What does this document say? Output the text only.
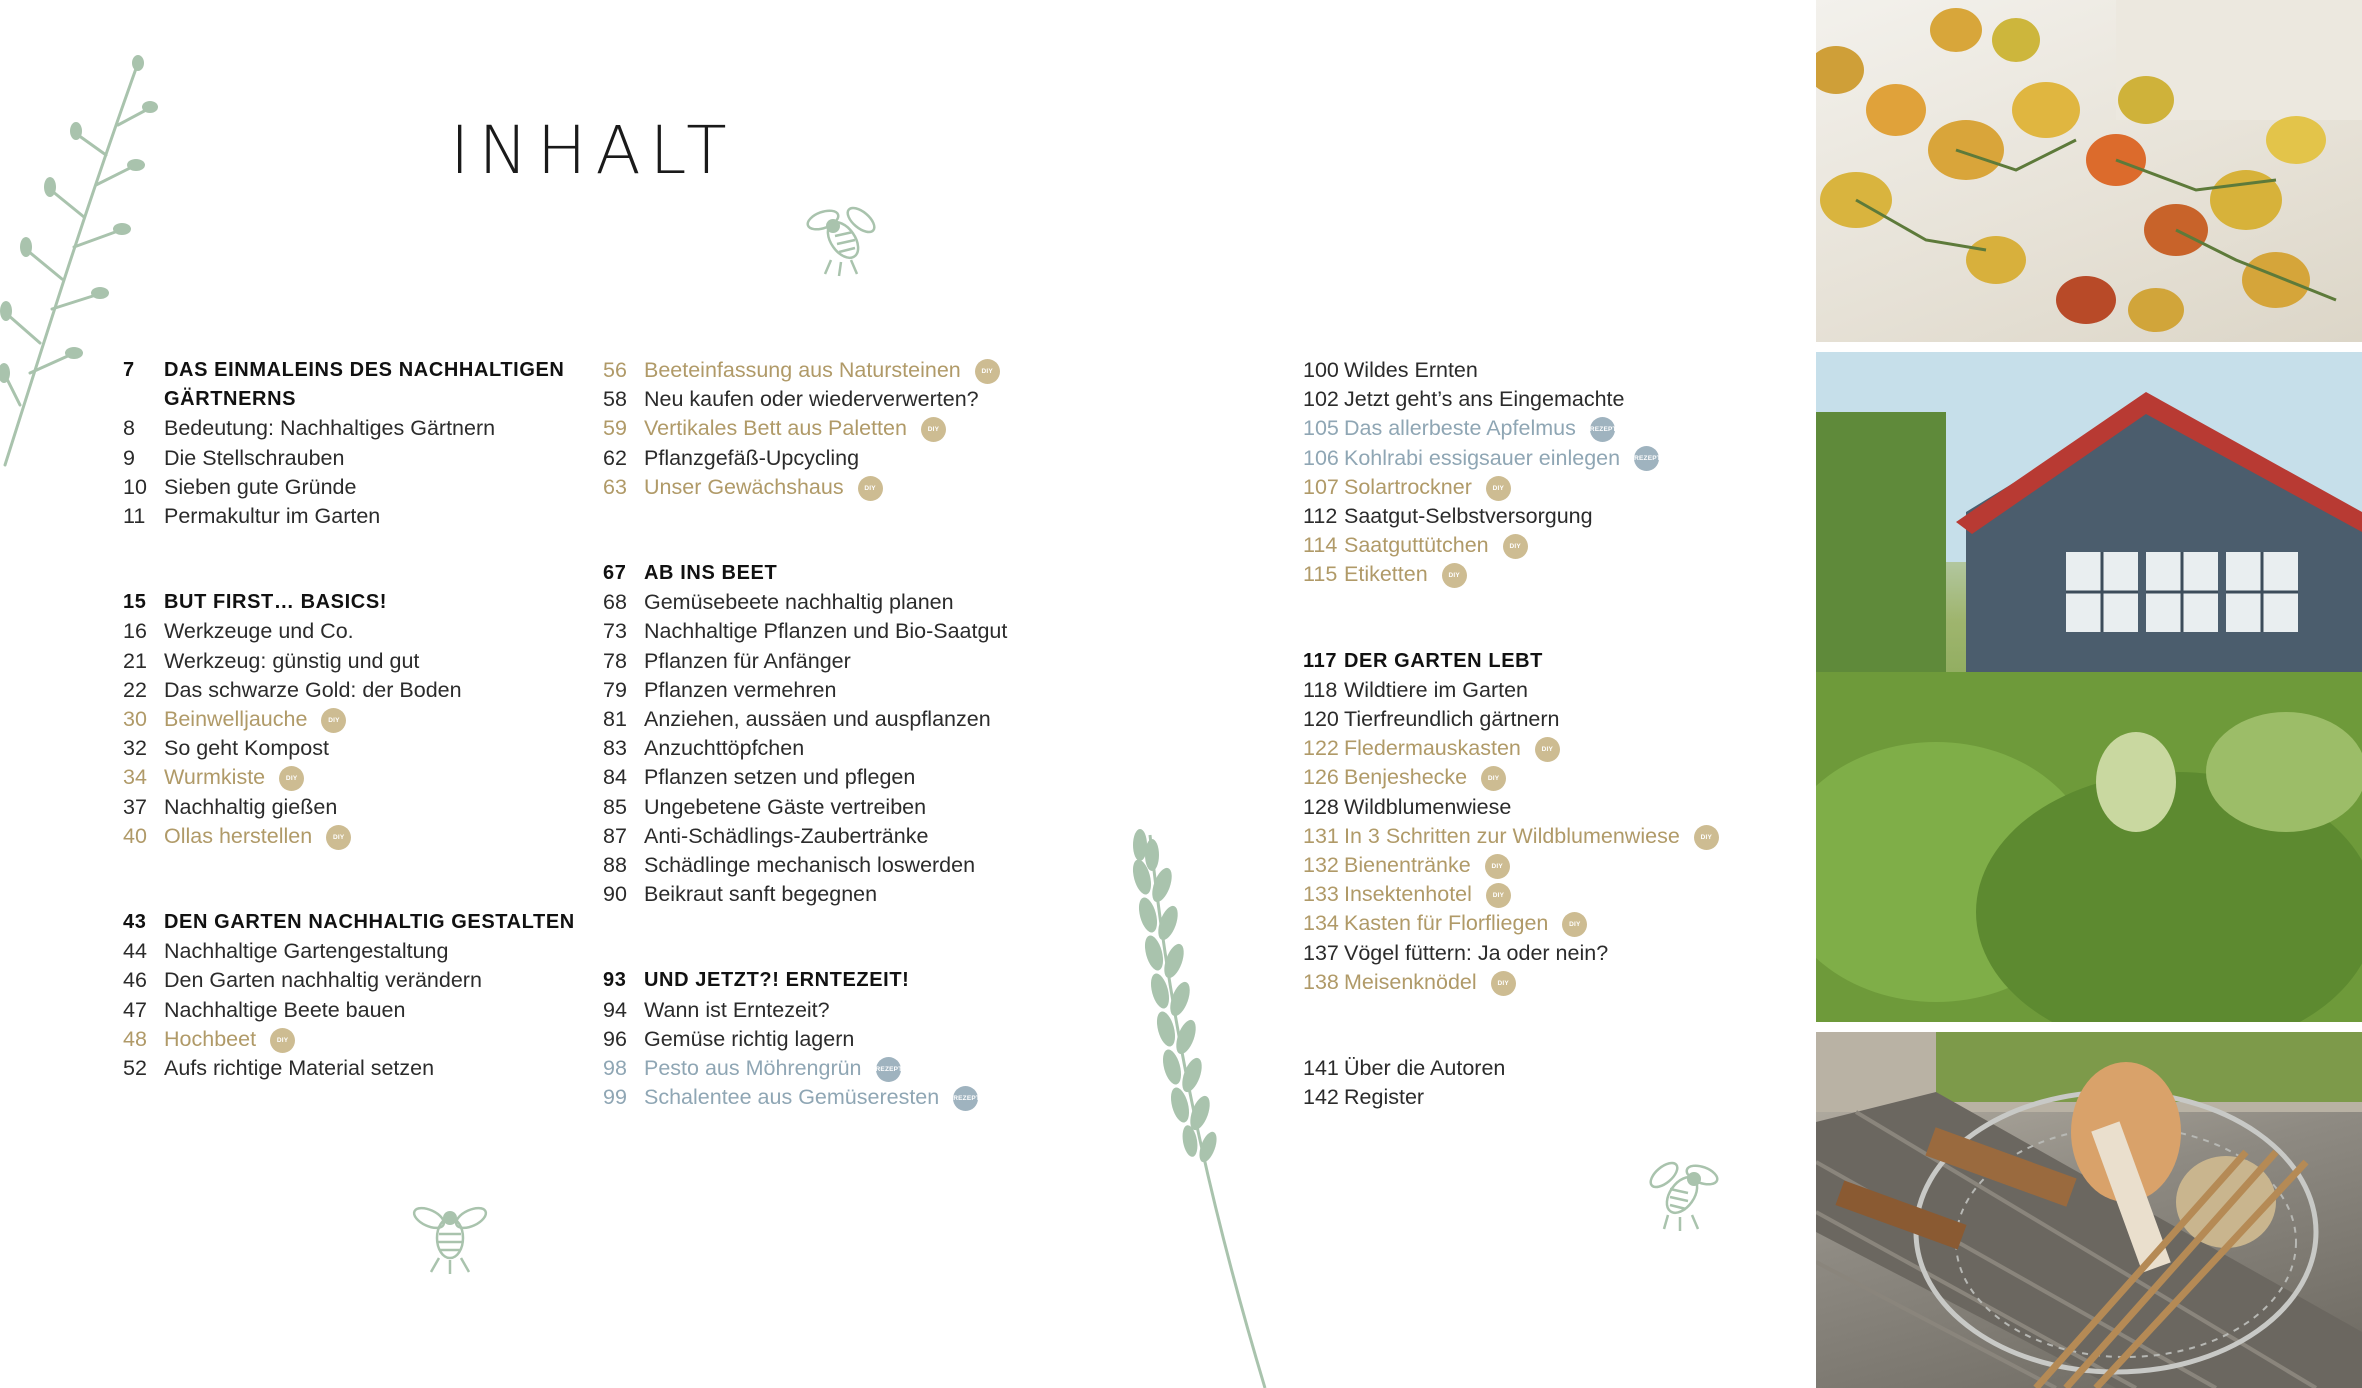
INHALT
7	DAS EINMALEINS DES NACHHALTIGEN GÄRTNERNS
8	Bedeutung: Nachhaltiges Gärtnern
9	Die Stellschrauben
10 Sieben gute Gründe
11 Permakultur im Garten
15 BUT FIRST… BASICS!
16 Werkzeuge und Co.
21 Werkzeug: günstig und gut
22 Das schwarze Gold: der Boden
30 Beinwelljauche	DIY
32 So geht Kompost
34 Wurmkiste	DIY
37 Nachhaltig gießen
40 Ollas herstellen	DIY
43 DEN GARTEN NACHHALTIG GESTALTEN
44 Nachhaltige Gartengestaltung
46 Den Garten nachhaltig verändern
47 Nachhaltige Beete bauen
48 Hochbeet	DIY
52 Aufs richtige Material setzen
56 Beeteinfassung aus Natursteinen	DIY
58 Neu kaufen oder wiederverwerten?
59 Vertikales Bett aus Paletten	DIY
62 Pflanzgefäß-Upcycling
63 Unser Gewächshaus	DIY
67 AB INS BEET
68 Gemüsebeete nachhaltig planen
73 Nachhaltige Pflanzen und Bio-Saatgut
78 Pflanzen für Anfänger
79 Pflanzen vermehren
81 Anziehen, aussäen und auspflanzen
83 Anzuchttöpfchen
84 Pflanzen setzen und pflegen
85 Ungebetene Gäste vertreiben
87 Anti-Schädlings-Zaubertränke
88 Schädlinge mechanisch loswerden
90 Beikraut sanft begegnen
93 UND JETZT?! ERNTEZEIT!
94 Wann ist Erntezeit?
96 Gemüse richtig lagern
98 Pesto aus Möhrengrün REZEPT
99 Schalentee aus Gemüseresten REZEPT
100 Wildes Ernten
102 Jetzt geht’s ans Eingemachte
105 Das allerbeste Apfelmus REZEPT
106 Kohlrabi essigsauer einlegen REZEPT
107 Solartrockner	DIY
112 Saatgut-Selbstversorgung
114 Saatguttütchen	DIY
115 Etiketten	DIY
117 DER GARTEN LEBT
118 Wildtiere im Garten
120 Tierfreundlich gärtnern
122 Fledermauskasten	DIY
126 Benjeshecke	DIY
128 Wildblumenwiese
131 In 3 Schritten zur Wildblumenwiese	DIY
132 Bienentränke	DIY
133 Insektenhotel	DIY
134 Kasten für Florfliegen	DIY
137 Vögel füttern: Ja oder nein?
138 Meisenknödel	DIY
141 Über die Autoren
142 Register
